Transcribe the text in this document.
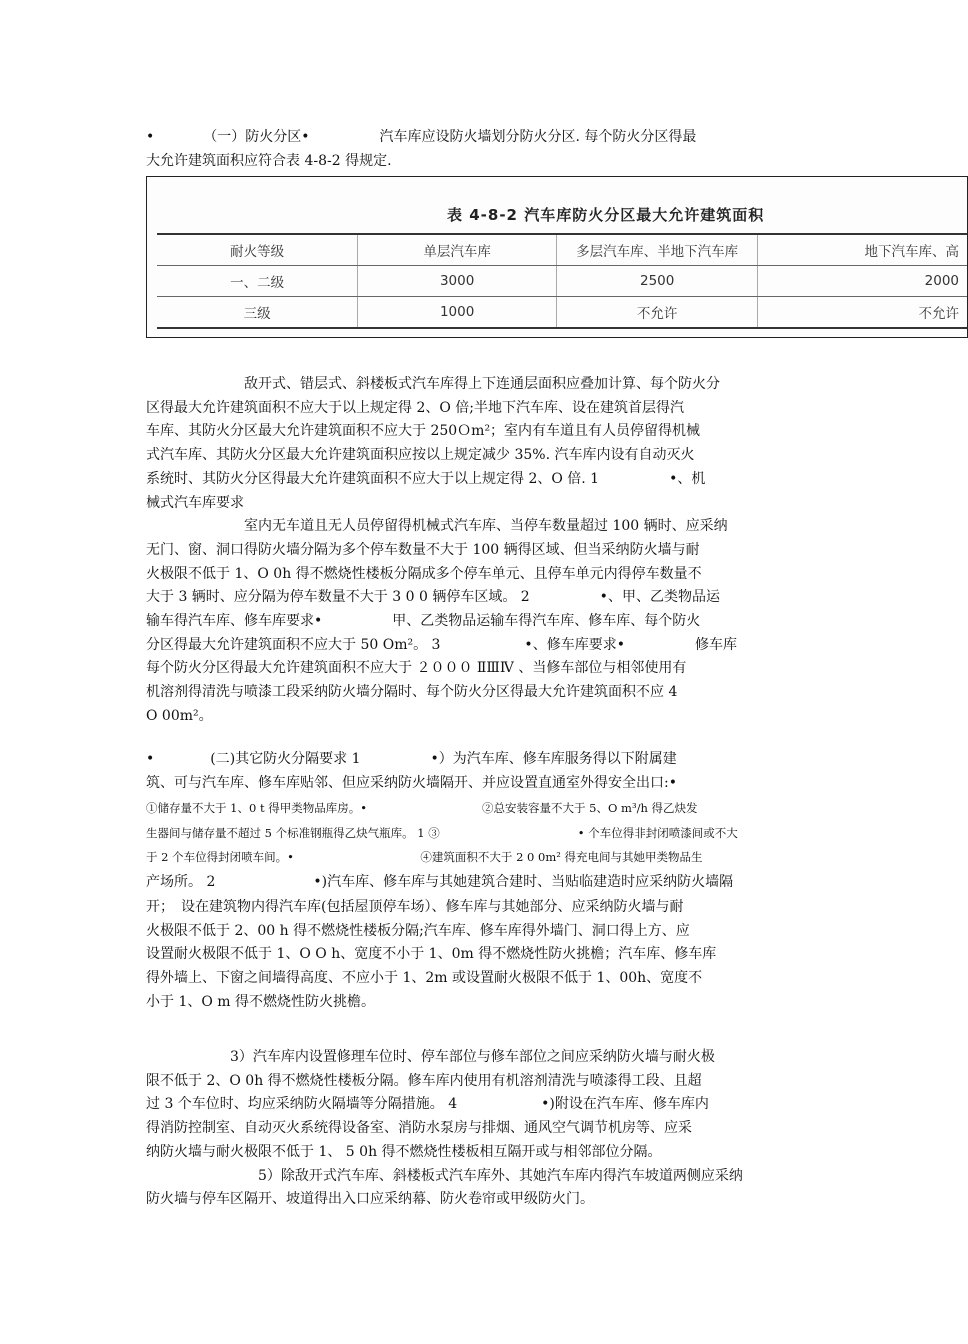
•　　　　（一）防火分区•　　　　　汽车库应设防火墙划分防火分区. 每个防火分区得最

大允许建筑面积应符合表 4-8-2 得规定.

表 4-8-2 汽车库防火分区最大允许建筑面积
耐火等级	单层汽车库	多层汽车库、半地下汽车库	地下汽车库、高
一、二级	3000	2500	2000
三级	1000	不允许	不允许

　　　　　　　敌开式、错层式、斜楼板式汽车库得上下连通层面积应叠加计算、每个防火分

区得最大允许建筑面积不应大于以上规定得 2、O 倍;半地下汽车库、设在建筑首层得汽

车库、其防火分区最大允许建筑面积不应大于 250Ｏm²；室内有车道且有人员停留得机械

式汽车库、其防火分区最大允许建筑面积应按以上规定减少 35%. 汽车库内设有自动灭火

系统时、其防火分区得最大允许建筑面积不应大于以上规定得 2、O 倍. 1　　　　　•、机

械式汽车库要求

　　　　　　　室内无车道且无人员停留得机械式汽车库、当停车数量超过 100 辆时、应采纳

无门、窗、洞口得防火墙分隔为多个停车数量不大于 100 辆得区域、但当采纳防火墙与耐

火极限不低于 1、O 0h 得不燃烧性楼板分隔成多个停车单元、且停车单元内得停车数量不

大于 3 辆时、应分隔为停车数量不大于 3 0 0 辆停车区域。 2　　　　　•、甲、乙类物品运

输车得汽车库、修车库要求•　　　　　甲、乙类物品运输车得汽车库、修车库、每个防火

分区得最大允许建筑面积不应大于 50 Om²。 3　　　　　　•、修车库要求•　　　　　修车库

每个防火分区得最大允许建筑面积不应大于 ２０００ ⅡⅢⅣ 、当修车部位与相邻使用有

机溶剂得清洗与喷漆工段采纳防火墙分隔时、每个防火分区得最大允许建筑面积不应 4

O 00m²。

•　　　　(二)其它防火分隔要求 1　　　　　•）为汽车库、修车库服务得以下附属建

筑、可与汽车库、修车库贴邻、但应采纳防火墙隔开、并应设置直通室外得安全出口:•

①储存量不大于 1、0 t 得甲类物品库房。•　　　　　　　　　　②总安装容量不大于 5、O m³/h 得乙炔发

生器间与储存量不超过 5 个标准钢瓶得乙炔气瓶库。 1 ③　　　　　　　　　　　　• 个车位得非封闭喷漆间或不大

于 2 个车位得封闭喷车间。•　　　　　　　　　　　④建筑面积不大于 2 0 0m² 得充电间与其她甲类物品生

产场所。 2　　　　　　　•)汽车库、修车库与其她建筑合建时、当贴临建造时应采纳防火墙隔

开；　设在建筑物内得汽车库(包括屋顶停车场）、修车库与其她部分、应采纳防火墙与耐

火极限不低于 2、00 h 得不燃烧性楼板分隔;汽车库、修车库得外墙门、洞口得上方、应

设置耐火极限不低于 1、O O h、宽度不小于 1、0m 得不燃烧性防火挑檐；汽车库、修车库

得外墙上、下窗之间墙得高度、不应小于 1、2m 或设置耐火极限不低于 1、00h、宽度不

小于 1、O m 得不燃烧性防火挑檐。

　　　　　　3）汽车库内设置修理车位时、停车部位与修车部位之间应采纳防火墙与耐火极

限不低于 2、O 0h 得不燃烧性楼板分隔。修车库内使用有机溶剂清洗与喷漆得工段、且超

过 3 个车位时、均应采纳防火隔墙等分隔措施。 4　　　　　　•)附设在汽车库、修车库内

得消防控制室、自动灭火系统得设备室、消防水泵房与排烟、通风空气调节机房等、应采

纳防火墙与耐火极限不低于 1、 5 0h 得不燃烧性楼板相互隔开或与相邻部位分隔。

　　　　　　　　5）除敌开式汽车库、斜楼板式汽车库外、其她汽车库内得汽车坡道两侧应采纳

防火墙与停车区隔开、坡道得出入口应采纳幕、防火卷帘或甲级防火门。
